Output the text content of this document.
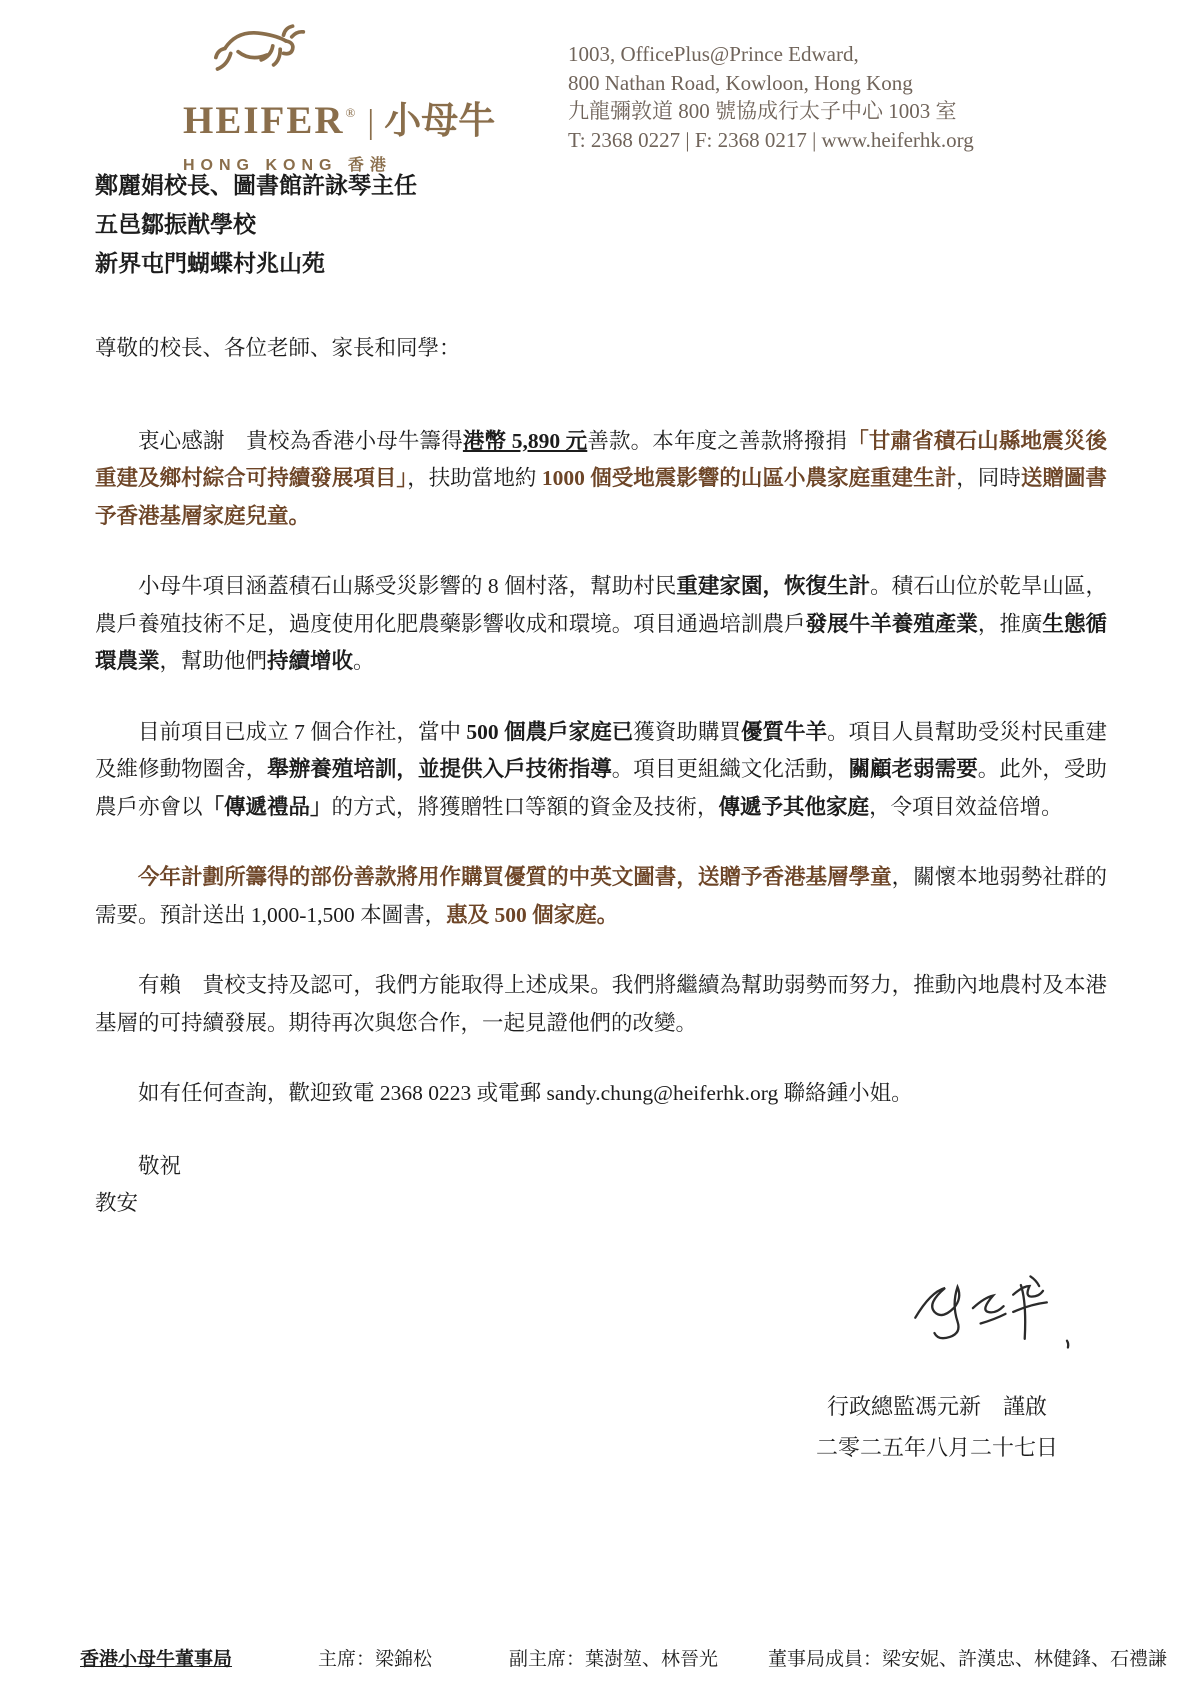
HEIFER ® | 小母牛
HONG KONG 香港
1003, OfficePlus@Prince Edward,
800 Nathan Road, Kowloon, Hong Kong
九龍彌敦道 800 號協成行太子中心 1003 室
T: 2368 0227 | F: 2368 0217 | www.heiferhk.org
鄭麗娟校長、圖書館許詠琴主任
五邑鄒振猷學校
新界屯門蝴蝶村兆山苑
尊敬的校長、各位老師、家長和同學：

衷心感謝　貴校為香港小母牛籌得港幣 5,890 元善款。本年度之善款將撥捐「甘肅省積石山縣地震災後重建及鄉村綜合可持續發展項目」，扶助當地約 1000 個受地震影響的山區小農家庭重建生計，同時送贈圖書予香港基層家庭兒童。

小母牛項目涵蓋積石山縣受災影響的 8 個村落，幫助村民重建家園，恢復生計。積石山位於乾旱山區，農戶養殖技術不足，過度使用化肥農藥影響收成和環境。項目通過培訓農戶發展牛羊養殖產業，推廣生態循環農業，幫助他們持續增收。

目前項目已成立 7 個合作社，當中 500 個農戶家庭已獲資助購買優質牛羊。項目人員幫助受災村民重建及維修動物圈舍，舉辦養殖培訓，並提供入戶技術指導。項目更組織文化活動，關顧老弱需要。此外，受助農戶亦會以「傳遞禮品」的方式，將獲贈牲口等額的資金及技術，傳遞予其他家庭，令項目效益倍增。

今年計劃所籌得的部份善款將用作購買優質的中英文圖書，送贈予香港基層學童，關懷本地弱勢社群的需要。預計送出 1,000-1,500 本圖書，惠及 500 個家庭。

有賴　貴校支持及認可，我們方能取得上述成果。我們將繼續為幫助弱勢而努力，推動內地農村及本港基層的可持續發展。期待再次與您合作，一起見證他們的改變。

如有任何查詢，歡迎致電 2368 0223 或電郵 sandy.chung@heiferhk.org 聯絡鍾小姐。

敬祝
教安
行政總監馮元新　謹啟
二零二五年八月二十七日
香港小母牛董事局	主席：梁錦松	副主席：葉澍堃、林晉光	董事局成員：梁安妮、許漢忠、林健鋒、石禮謙
